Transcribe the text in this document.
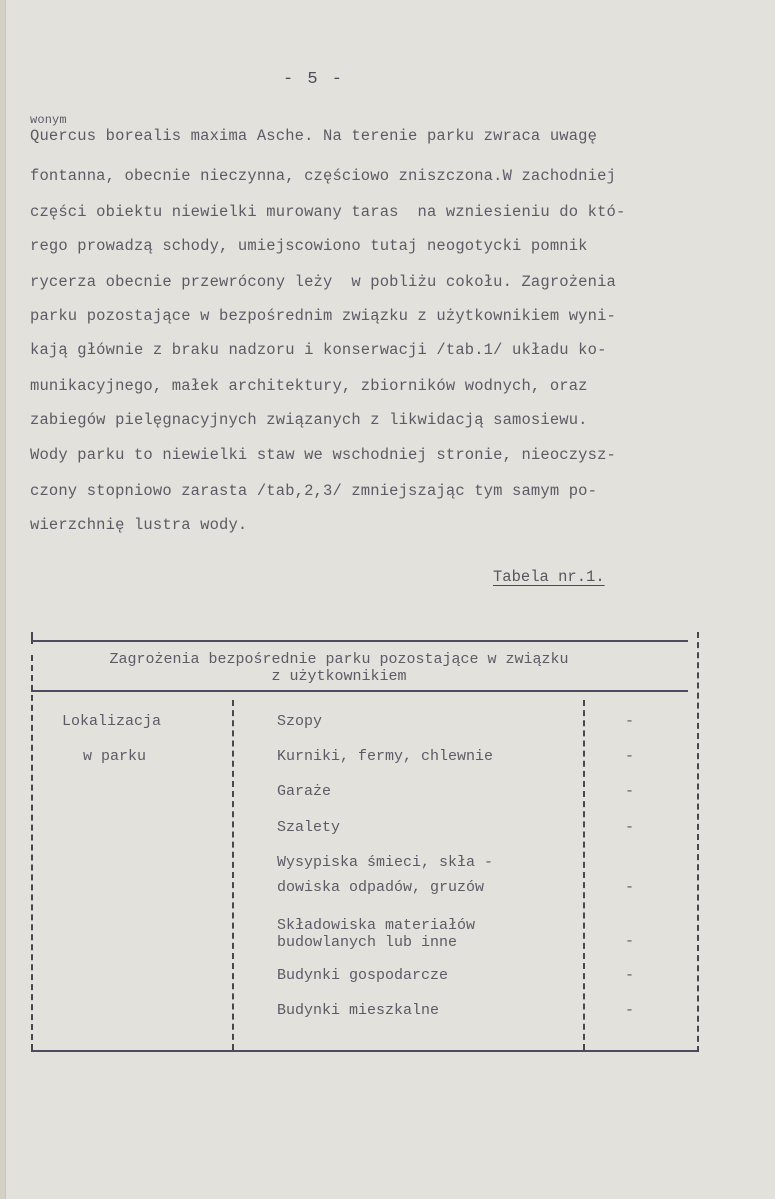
- 5 -
wonym
Quercus borealis maxima Asche. Na terenie parku zwraca uwagę
fontanna, obecnie nieczynna, częściowo zniszczona.W zachodniej
części obiektu niewielki murowany taras  na wzniesieniu do któ-
rego prowadzą schody, umiejscowiono tutaj neogotycki pomnik
rycerza obecnie przewrócony leży  w pobliżu cokołu. Zagrożenia
parku pozostające w bezpośrednim związku z użytkownikiem wyni-
kają głównie z braku nadzoru i konserwacji /tab.1/ układu ko-
munikacyjnego, małek architektury, zbiorników wodnych, oraz
zabiegów pielęgnacyjnych związanych z likwidacją samosiewu.
Wody parku to niewielki staw we wschodniej stronie, nieoczysz-
czony stopniowo zarasta /tab,2,3/ zmniejszając tym samym po-
wierzchnię lustra wody.
Tabela nr.1.
Zagrożenia bezpośrednie parku pozostające w związku
z użytkownikiem
Lokalizacja
w parku
Szopy	-
Kurniki, fermy, chlewnie	-
Garaże	-
Szalety	-
Wysypiska śmieci, skła -
dowiska odpadów, gruzów	-
Składowiska materiałów
budowlanych lub inne	-
Budynki gospodarcze	-
Budynki mieszkalne	-
